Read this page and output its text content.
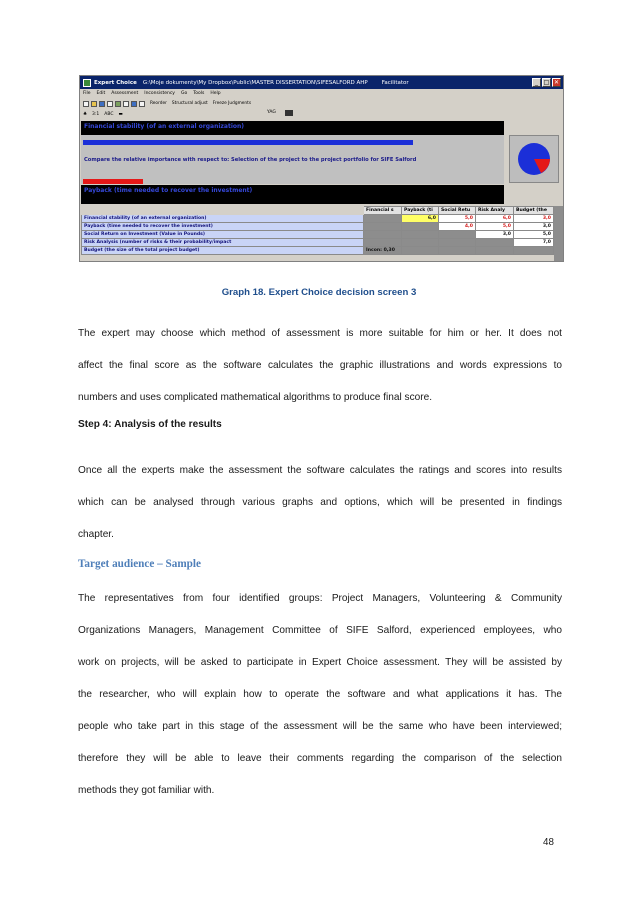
Expert Choice G:\Moje dokumenty\My Dropbox\Public\MASTER DISSERTATION\SIFESALFORD AHP	Facilitator	_ □ ✕
File Edit Assessment Inconsistency Go Tools Help
Reorder Structural adjust Freeze Judgments
♣ 3:1 ABC ▬	YAG
Financial stability (of an external organization)
Compare the relative importance with respect to: Selection of the project to the project portfolio for SIFE Salford
Payback (time needed to recover the investment)
	Financial s	Payback (ti	Social Retu	Risk Analy	Budget (the
Financial stability (of an external organization)		6,0	5,0	6,0	3,0
Payback (time needed to recover the investment)			4,0	5,0	3,0
Social Return on Investment (Value in Pounds)				3,0	5,0
Risk Analysis (number of risks & their probability/impact					7,0
Budget (the size of the total project budget)	Incon: 0,30				
Graph 18. Expert Choice decision screen 3
The expert may choose which method of assessment is more suitable for him or her. It does not
affect the final score as the software calculates the graphic illustrations and words expressions to
numbers and uses complicated mathematical algorithms to produce final score.
Step 4: Analysis of the results
Once all the experts make the assessment the software calculates the ratings and scores into results
which can be analysed through various graphs and options, which will be presented in findings
chapter.
Target audience – Sample
The representatives from four identified groups: Project Managers, Volunteering & Community
Organizations Managers, Management Committee of SIFE Salford, experienced employees, who
work on projects, will be asked to participate in Expert Choice assessment. They will be assisted by
the researcher, who will explain how to operate the software and what applications it has. The
people who take part in this stage of the assessment will be the same who have been interviewed;
therefore they will be able to leave their comments regarding the comparison of the selection
methods they got familiar with.
48
